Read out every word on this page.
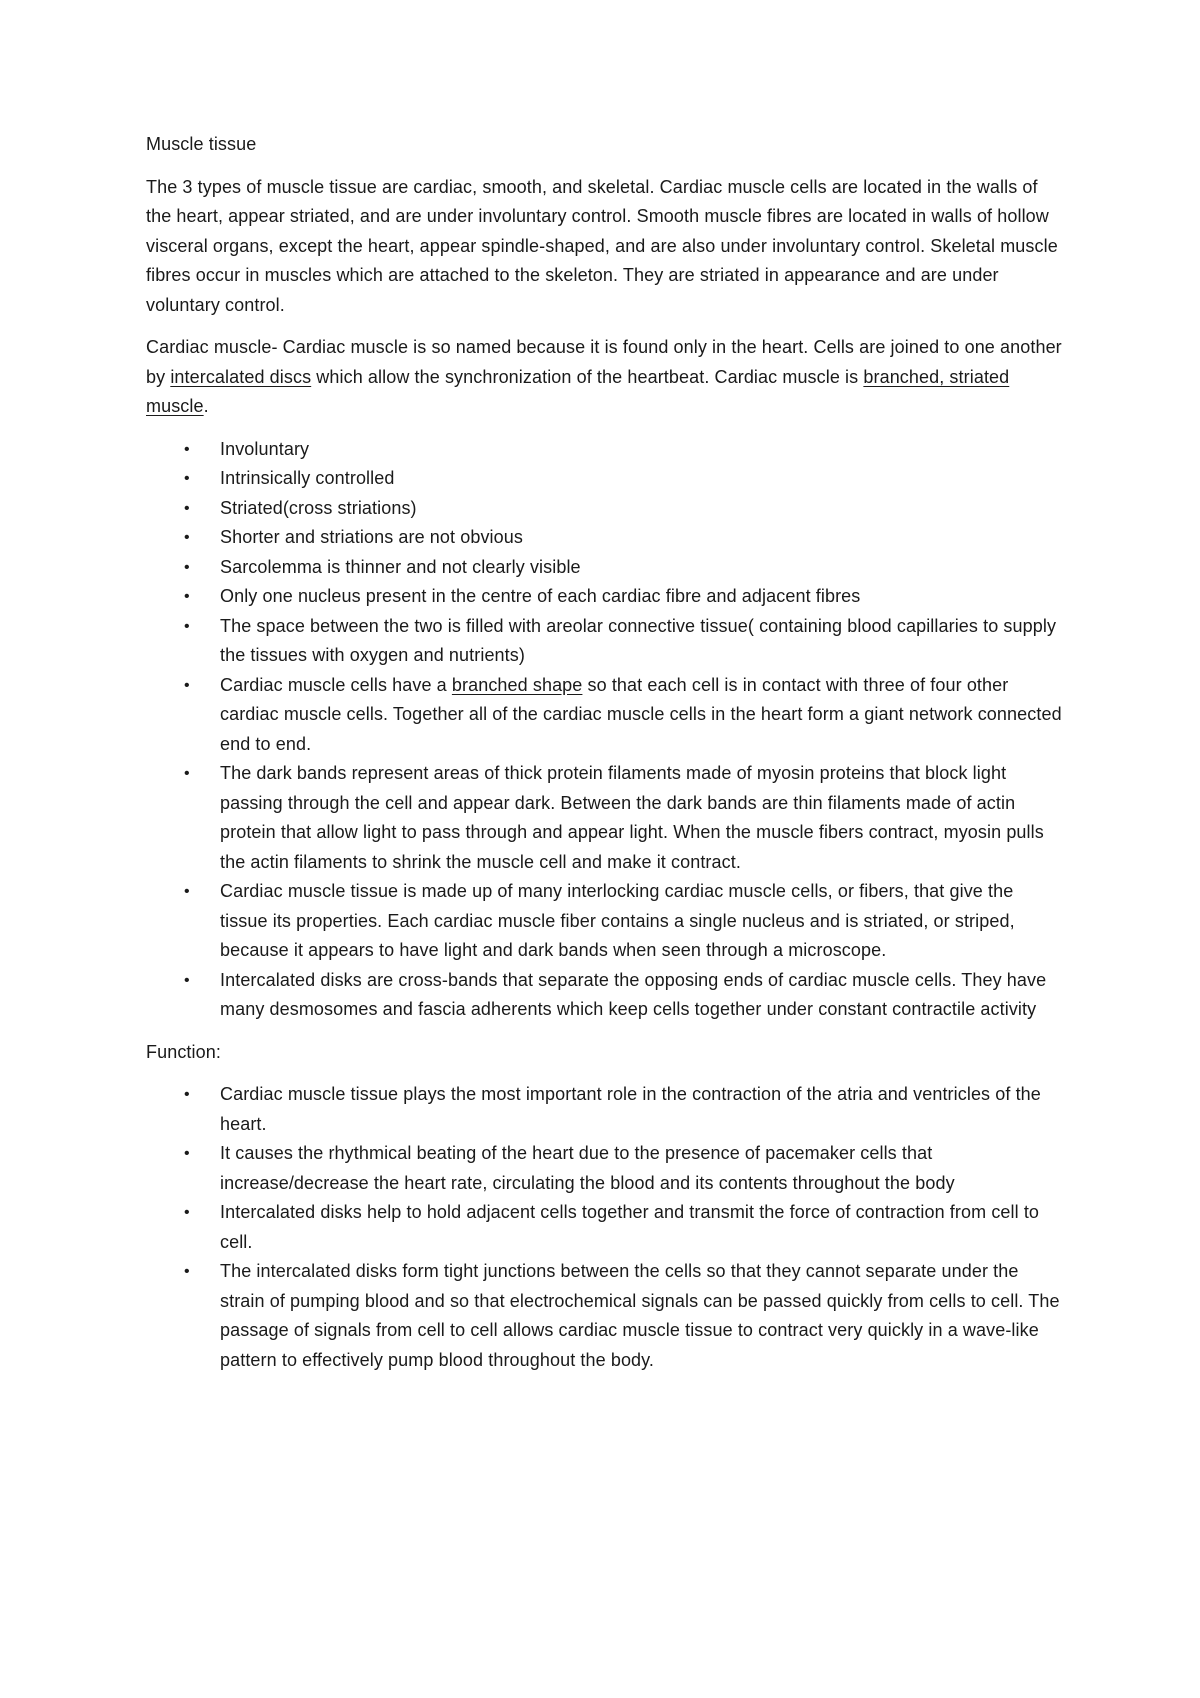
Muscle tissue

The 3 types of muscle tissue are cardiac, smooth, and skeletal. Cardiac muscle cells are located in the walls of the heart, appear striated, and are under involuntary control. Smooth muscle fibres are located in walls of hollow visceral organs, except the heart, appear spindle-shaped, and are also under involuntary control. Skeletal muscle fibres occur in muscles which are attached to the skeleton. They are striated in appearance and are under voluntary control.

Cardiac muscle- Cardiac muscle is so named because it is found only in the heart. Cells are joined to one another by intercalated discs which allow the synchronization of the heartbeat. Cardiac muscle is branched, striated muscle.

• Involuntary
• Intrinsically controlled
• Striated(cross striations)
• Shorter and striations are not obvious
• Sarcolemma is thinner and not clearly visible
• Only one nucleus present in the centre of each cardiac fibre and adjacent fibres
• The space between the two is filled with areolar connective tissue( containing blood capillaries to supply the tissues with oxygen and nutrients)
• Cardiac muscle cells have a branched shape so that each cell is in contact with three of four other cardiac muscle cells. Together all of the cardiac muscle cells in the heart form a giant network connected end to end.
• The dark bands represent areas of thick protein filaments made of myosin proteins that block light passing through the cell and appear dark. Between the dark bands are thin filaments made of actin protein that allow light to pass through and appear light. When the muscle fibers contract, myosin pulls the actin filaments to shrink the muscle cell and make it contract.
• Cardiac muscle tissue is made up of many interlocking cardiac muscle cells, or fibers, that give the tissue its properties. Each cardiac muscle fiber contains a single nucleus and is striated, or striped, because it appears to have light and dark bands when seen through a microscope.
• Intercalated disks are cross-bands that separate the opposing ends of cardiac muscle cells. They have many desmosomes and fascia adherents which keep cells together under constant contractile activity
Function:
• Cardiac muscle tissue plays the most important role in the contraction of the atria and ventricles of the heart.
• It causes the rhythmical beating of the heart due to the presence of pacemaker cells that increase/decrease the heart rate, circulating the blood and its contents throughout the body
• Intercalated disks help to hold adjacent cells together and transmit the force of contraction from cell to cell.
• The intercalated disks form tight junctions between the cells so that they cannot separate under the strain of pumping blood and so that electrochemical signals can be passed quickly from cells to cell. The passage of signals from cell to cell allows cardiac muscle tissue to contract very quickly in a wave-like pattern to effectively pump blood throughout the body.
